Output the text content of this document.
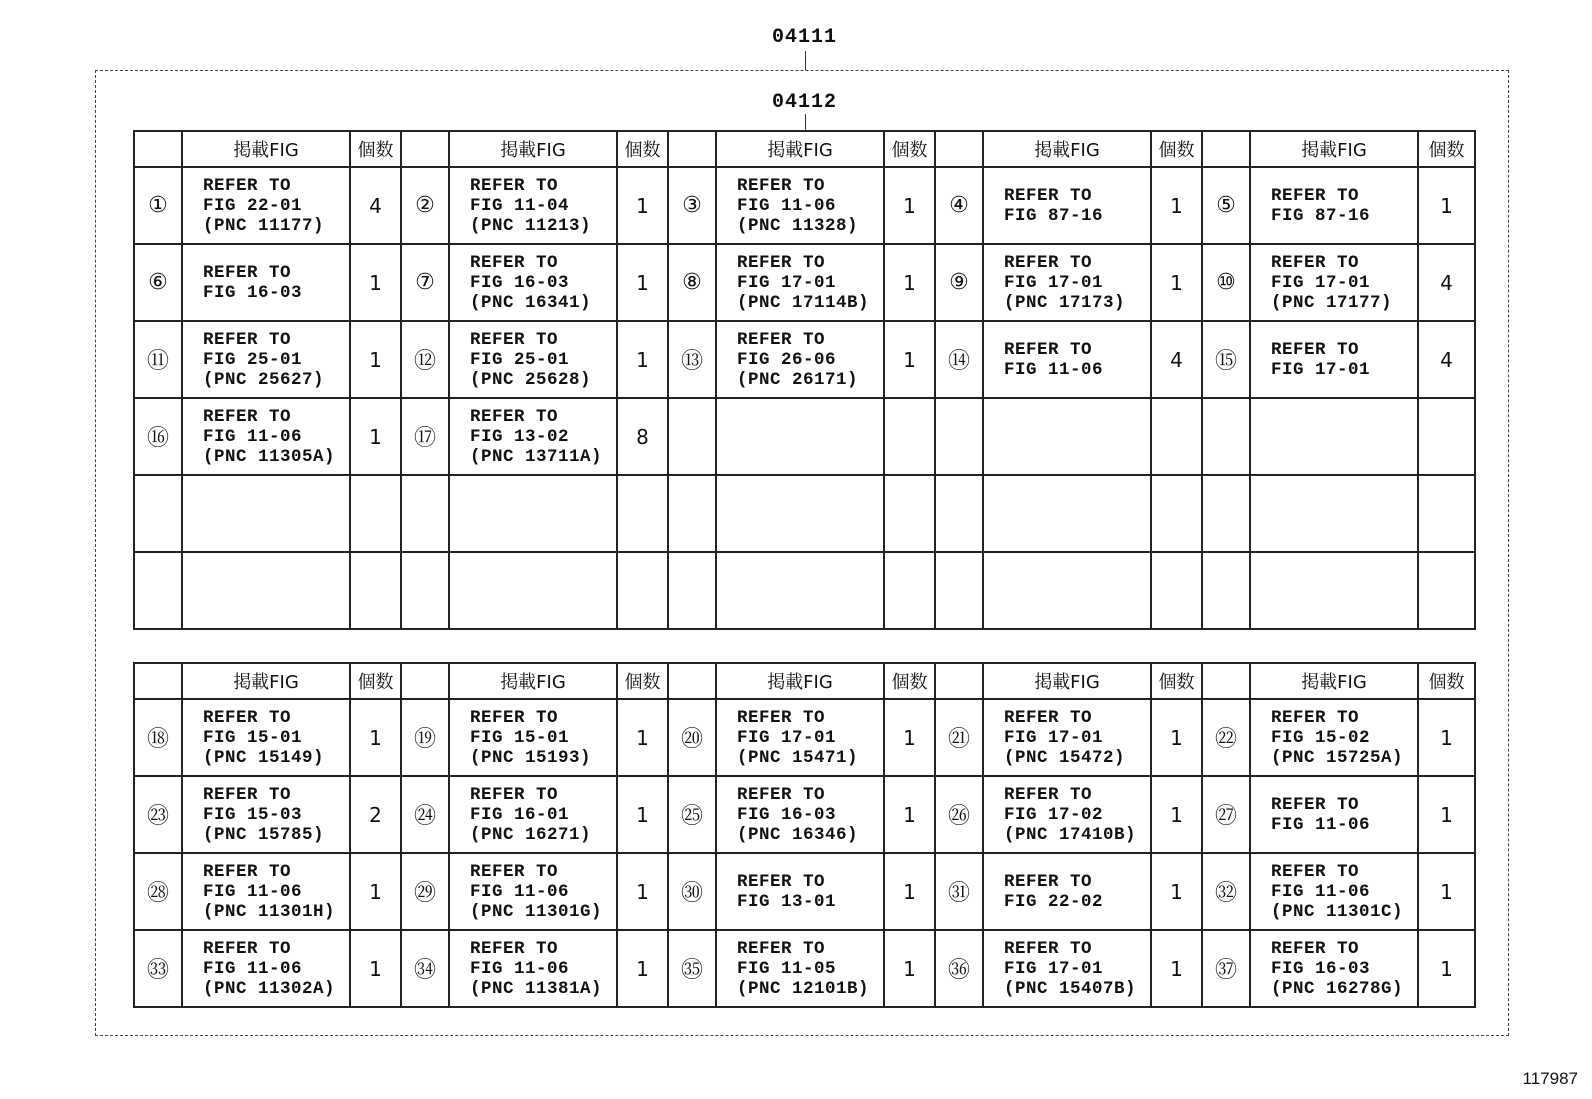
04111
04112
	掲載FIG	個数		掲載FIG	個数		掲載FIG	個数		掲載FIG	個数		掲載FIG	個数
①	REFER TO
FIG 22-01
(PNC 11177)	4	②	REFER TO
FIG 11-04
(PNC 11213)	1	③	REFER TO
FIG 11-06
(PNC 11328)	1	④	REFER TO
FIG 87-16	1	⑤	REFER TO
FIG 87-16	1
⑥	REFER TO
FIG 16-03	1	⑦	REFER TO
FIG 16-03
(PNC 16341)	1	⑧	REFER TO
FIG 17-01
(PNC 17114B)	1	⑨	REFER TO
FIG 17-01
(PNC 17173)	1	⑩	REFER TO
FIG 17-01
(PNC 17177)	4
⑪	REFER TO
FIG 25-01
(PNC 25627)	1	⑫	REFER TO
FIG 25-01
(PNC 25628)	1	⑬	REFER TO
FIG 26-06
(PNC 26171)	1	⑭	REFER TO
FIG 11-06	4	⑮	REFER TO
FIG 17-01	4
⑯	REFER TO
FIG 11-06
(PNC 11305A)	1	⑰	REFER TO
FIG 13-02
(PNC 13711A)	8		

	掲載FIG	個数		掲載FIG	個数		掲載FIG	個数		掲載FIG	個数		掲載FIG	個数
⑱	REFER TO
FIG 15-01
(PNC 15149)	1	⑲	REFER TO
FIG 15-01
(PNC 15193)	1	⑳	REFER TO
FIG 17-01
(PNC 15471)	1	㉑	REFER TO
FIG 17-01
(PNC 15472)	1	㉒	REFER TO
FIG 15-02
(PNC 15725A)	1
㉓	REFER TO
FIG 15-03
(PNC 15785)	2	㉔	REFER TO
FIG 16-01
(PNC 16271)	1	㉕	REFER TO
FIG 16-03
(PNC 16346)	1	㉖	REFER TO
FIG 17-02
(PNC 17410B)	1	㉗	REFER TO
FIG 11-06	1
㉘	REFER TO
FIG 11-06
(PNC 11301H)	1	㉙	REFER TO
FIG 11-06
(PNC 11301G)	1	㉚	REFER TO
FIG 13-01	1	㉛	REFER TO
FIG 22-02	1	㉜	REFER TO
FIG 11-06
(PNC 11301C)	1
㉝	REFER TO
FIG 11-06
(PNC 11302A)	1	㉞	REFER TO
FIG 11-06
(PNC 11381A)	1	㉟	REFER TO
FIG 11-05
(PNC 12101B)	1	㊱	REFER TO
FIG 17-01
(PNC 15407B)	1	㊲	REFER TO
FIG 16-03
(PNC 16278G)	1
117987
